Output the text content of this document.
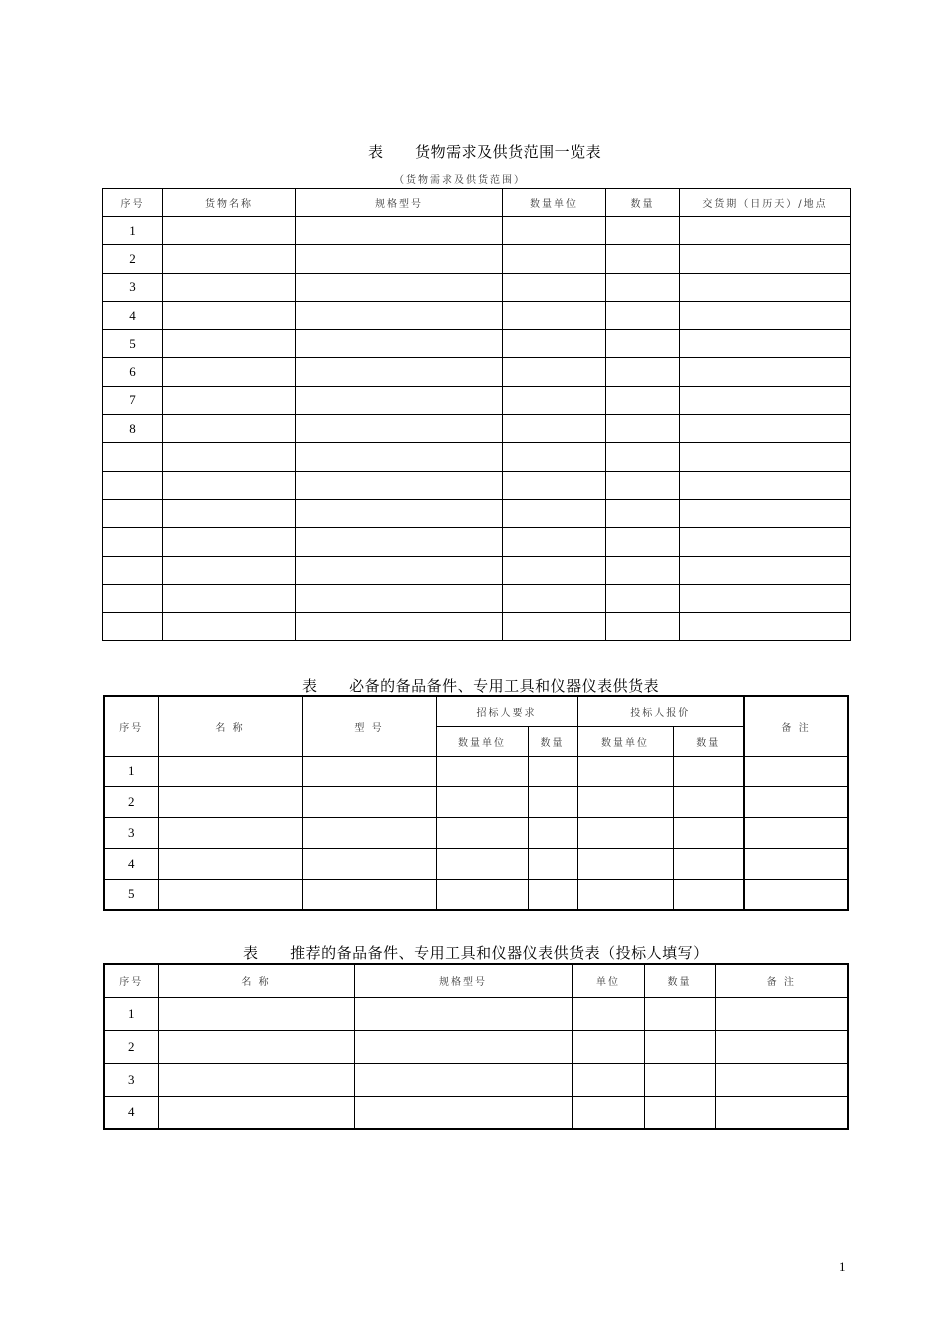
表      货物需求及供货范围一览表
（货物需求及供货范围）
序号	货物名称	规格型号	数量单位	数量	交货期（日历天）/地点
1					
2					
3					
4					
5					
6					
7					
8					

表      必备的备品备件、专用工具和仪器仪表供货表
序号	名 称	型 号	招标人要求		投标人报价		备 注
			数量单位	数量	数量单位	数量	
1							
2							
3							
4							
5							
表      推荐的备品备件、专用工具和仪器仪表供货表（投标人填写）
序号	名 称	规格型号	单位	数量	备 注
1					
2					
3					
4					
1
